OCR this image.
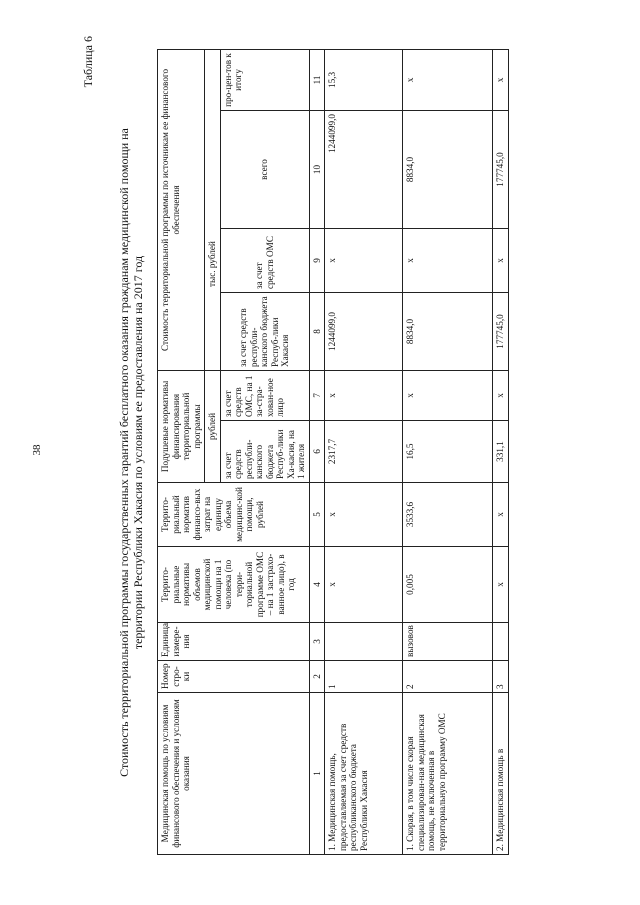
38
Таблица 6
Стоимость территориальной программы государственных гарантий бесплатного оказания гражданам медицинской помощи на территории Республики Хакасия по условиям ее предоставления на 2017 год
Медицинская помощь по условиям финансового обеспечения и условиям оказания	Номер стро-ки	Единица измере-ния	Террито-риальные нормативы объемов медицинской помощи на 1 человека (по терри-ториальной программе ОМС – на 1 застрахо-ванное лицо), в год	Террито-риальный норматив финансо-вых затрат на единицу объема медицинс-кой помощи, рублей	Подушевые нормативы финансирования территориальной программы		Стоимость территориальной программы по источникам ее финансового обеспечения			
					рублей		тыс. рублей			
					за счет средств республи-канского бюджета Респуб-лики Ха-касия, на 1 жителя	за счет средств ОМС, на 1 за-стра-хован-ное лицо	за счет средств республи-канского бюджета Респуб-лики Хакасия	за счет средств ОМС	всего	про-цен-тов к итогу
1	2	3	4	5	6	7	8	9	10	11
1. Медицинская помощь, предоставляемая за счет средств республиканского бюджета Республики Хакасия	1		х	х	2317,7	х	1244099,0	х	1244099,0	15,3
1. Скорая, в том числе скорая специализирован-ная медицинская помощь, не включенная в территориальную программу ОМС	2	вызовов	0,005	3533,6	16,5	х	8834,0	х	8834,0	х
2. Медицинская помощь в	3		х	х	331,1	х	177745,0	х	177745,0	х
